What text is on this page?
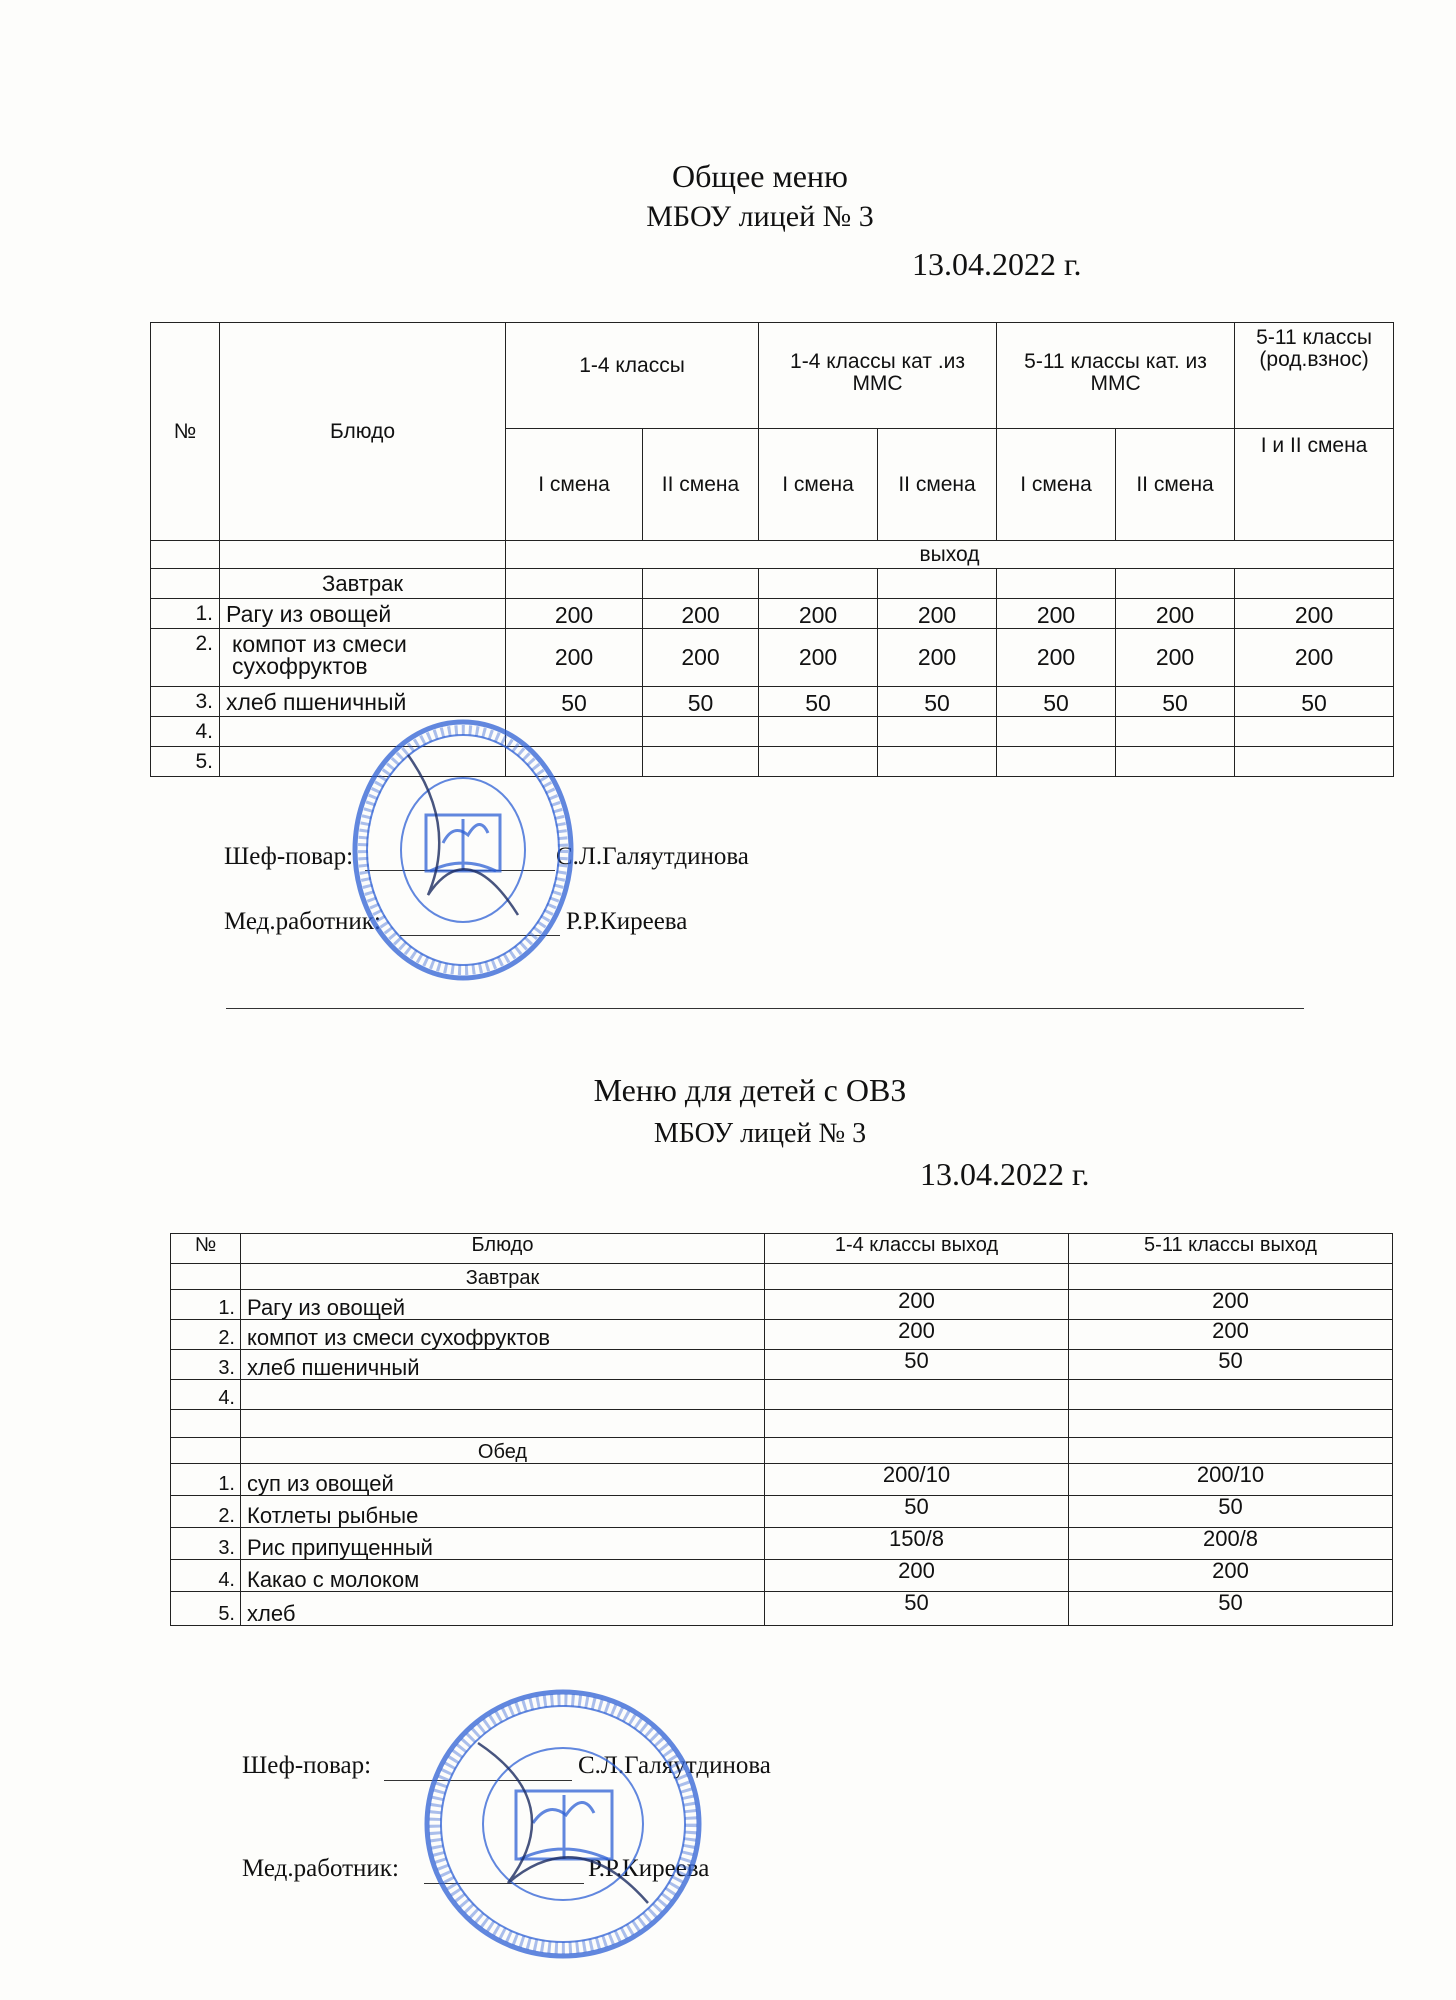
Общее меню
МБОУ лицей № 3
13.04.2022 г.
№	Блюдо	1-4 классы		1-4 классы кат .из ММС		5-11 классы кат. из ММС		5-11 классы (род.взнос)
		I смена	II смена	I смена	II смена	I смена	II смена	I и II смена
		выход						
	Завтрак							
1.	Рагу из овощей	200	200	200	200	200	200	200
2.	компот из смеси сухофруктов	200	200	200	200	200	200	200
3.	хлеб пшеничный	50	50	50	50	50	50	50
4.								
5.								
Шеф-повар:	С.Л.Галяутдинова
Мед.работник:	Р.Р.Киреева
Меню для детей с ОВЗ
МБОУ лицей № 3
13.04.2022 г.
№	Блюдо	1-4 классы выход	5-11 классы выход
	Завтрак		
1.	Рагу из овощей	200	200
2.	компот из смеси сухофруктов	200	200
3.	хлеб пшеничный	50	50
4.			

	Обед		
1.	суп из овощей	200/10	200/10
2.	Котлеты рыбные	50	50
3.	Рис припущенный	150/8	200/8
4.	Какао с молоком	200	200
5.	хлеб	50	50
Шеф-повар:	С.Л.Галяутдинова
Мед.работник:	Р.Р.Киреева
